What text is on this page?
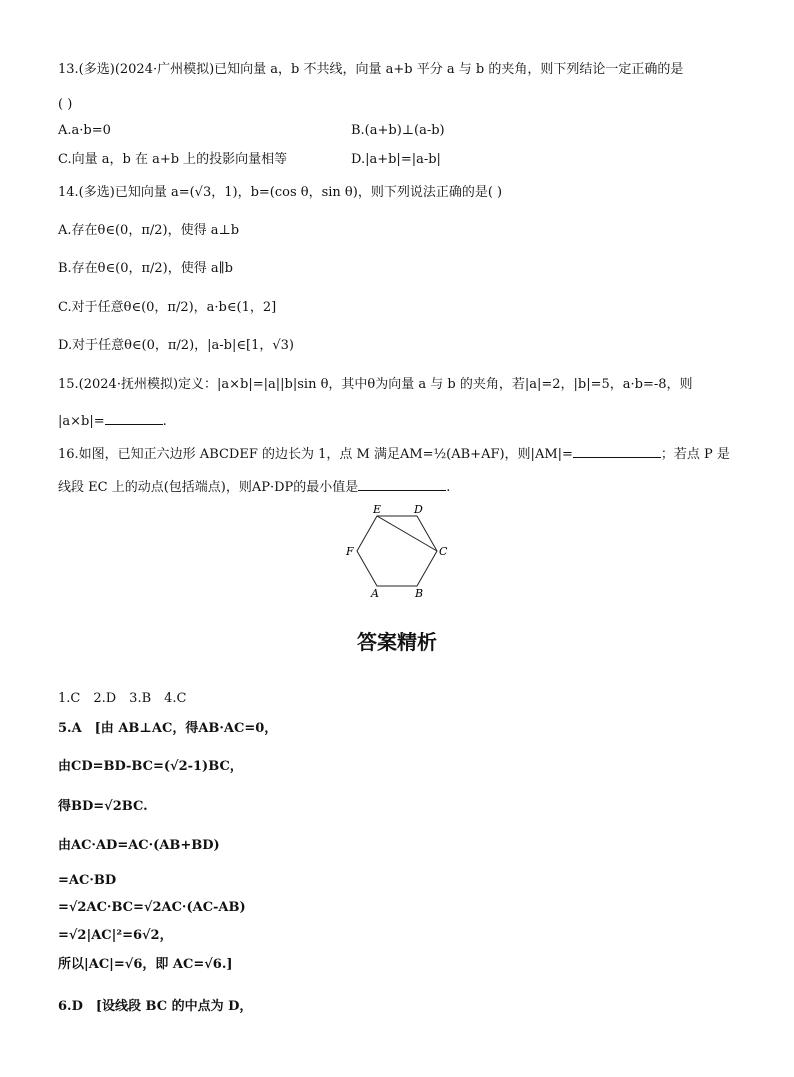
13.(多选)(2024·广州模拟)已知向量 a，b 不共线，向量 a+b 平分 a 与 b 的夹角，则下列结论一定正确的是
( )
A.a·b=0	B.(a+b)⊥(a-b)
C.向量 a，b 在 a+b 上的投影向量相等	D.|a+b|=|a-b|
14.(多选)已知向量 a=(√3，1)，b=(cos θ，sin θ)，则下列说法正确的是( )
A.存在θ∈(0，π/2)，使得 a⊥b
B.存在θ∈(0，π/2)，使得 a∥b
C.对于任意θ∈(0，π/2)，a·b∈(1，2]
D.对于任意θ∈(0，π/2)，|a-b|∈[1，√3)
15.(2024·抚州模拟)定义：|a×b|=|a||b|sin θ，其中θ为向量 a 与 b 的夹角，若|a|=2，|b|=5，a·b=-8，则
|a×b|=	.
16.如图，已知正六边形 ABCDEF 的边长为 1，点 M 满足AM=½(AB+AF)，则|AM|=	；若点 P 是
线段 EC 上的动点(包括端点)，则AP·DP的最小值是	.
A	B
C
D
E
F
答案精析
1.C　2.D　3.B　4.C
5.A　[由 AB⊥AC，得AB·AC=0，
由CD=BD-BC=(√2-1)BC，
得BD=√2BC.
由AC·AD=AC·(AB+BD)
=AC·BD
=√2AC·BC=√2AC·(AC-AB)
=√2|AC|²=6√2，
所以|AC|=√6，即 AC=√6.]
6.D　[设线段 BC 的中点为 D，
